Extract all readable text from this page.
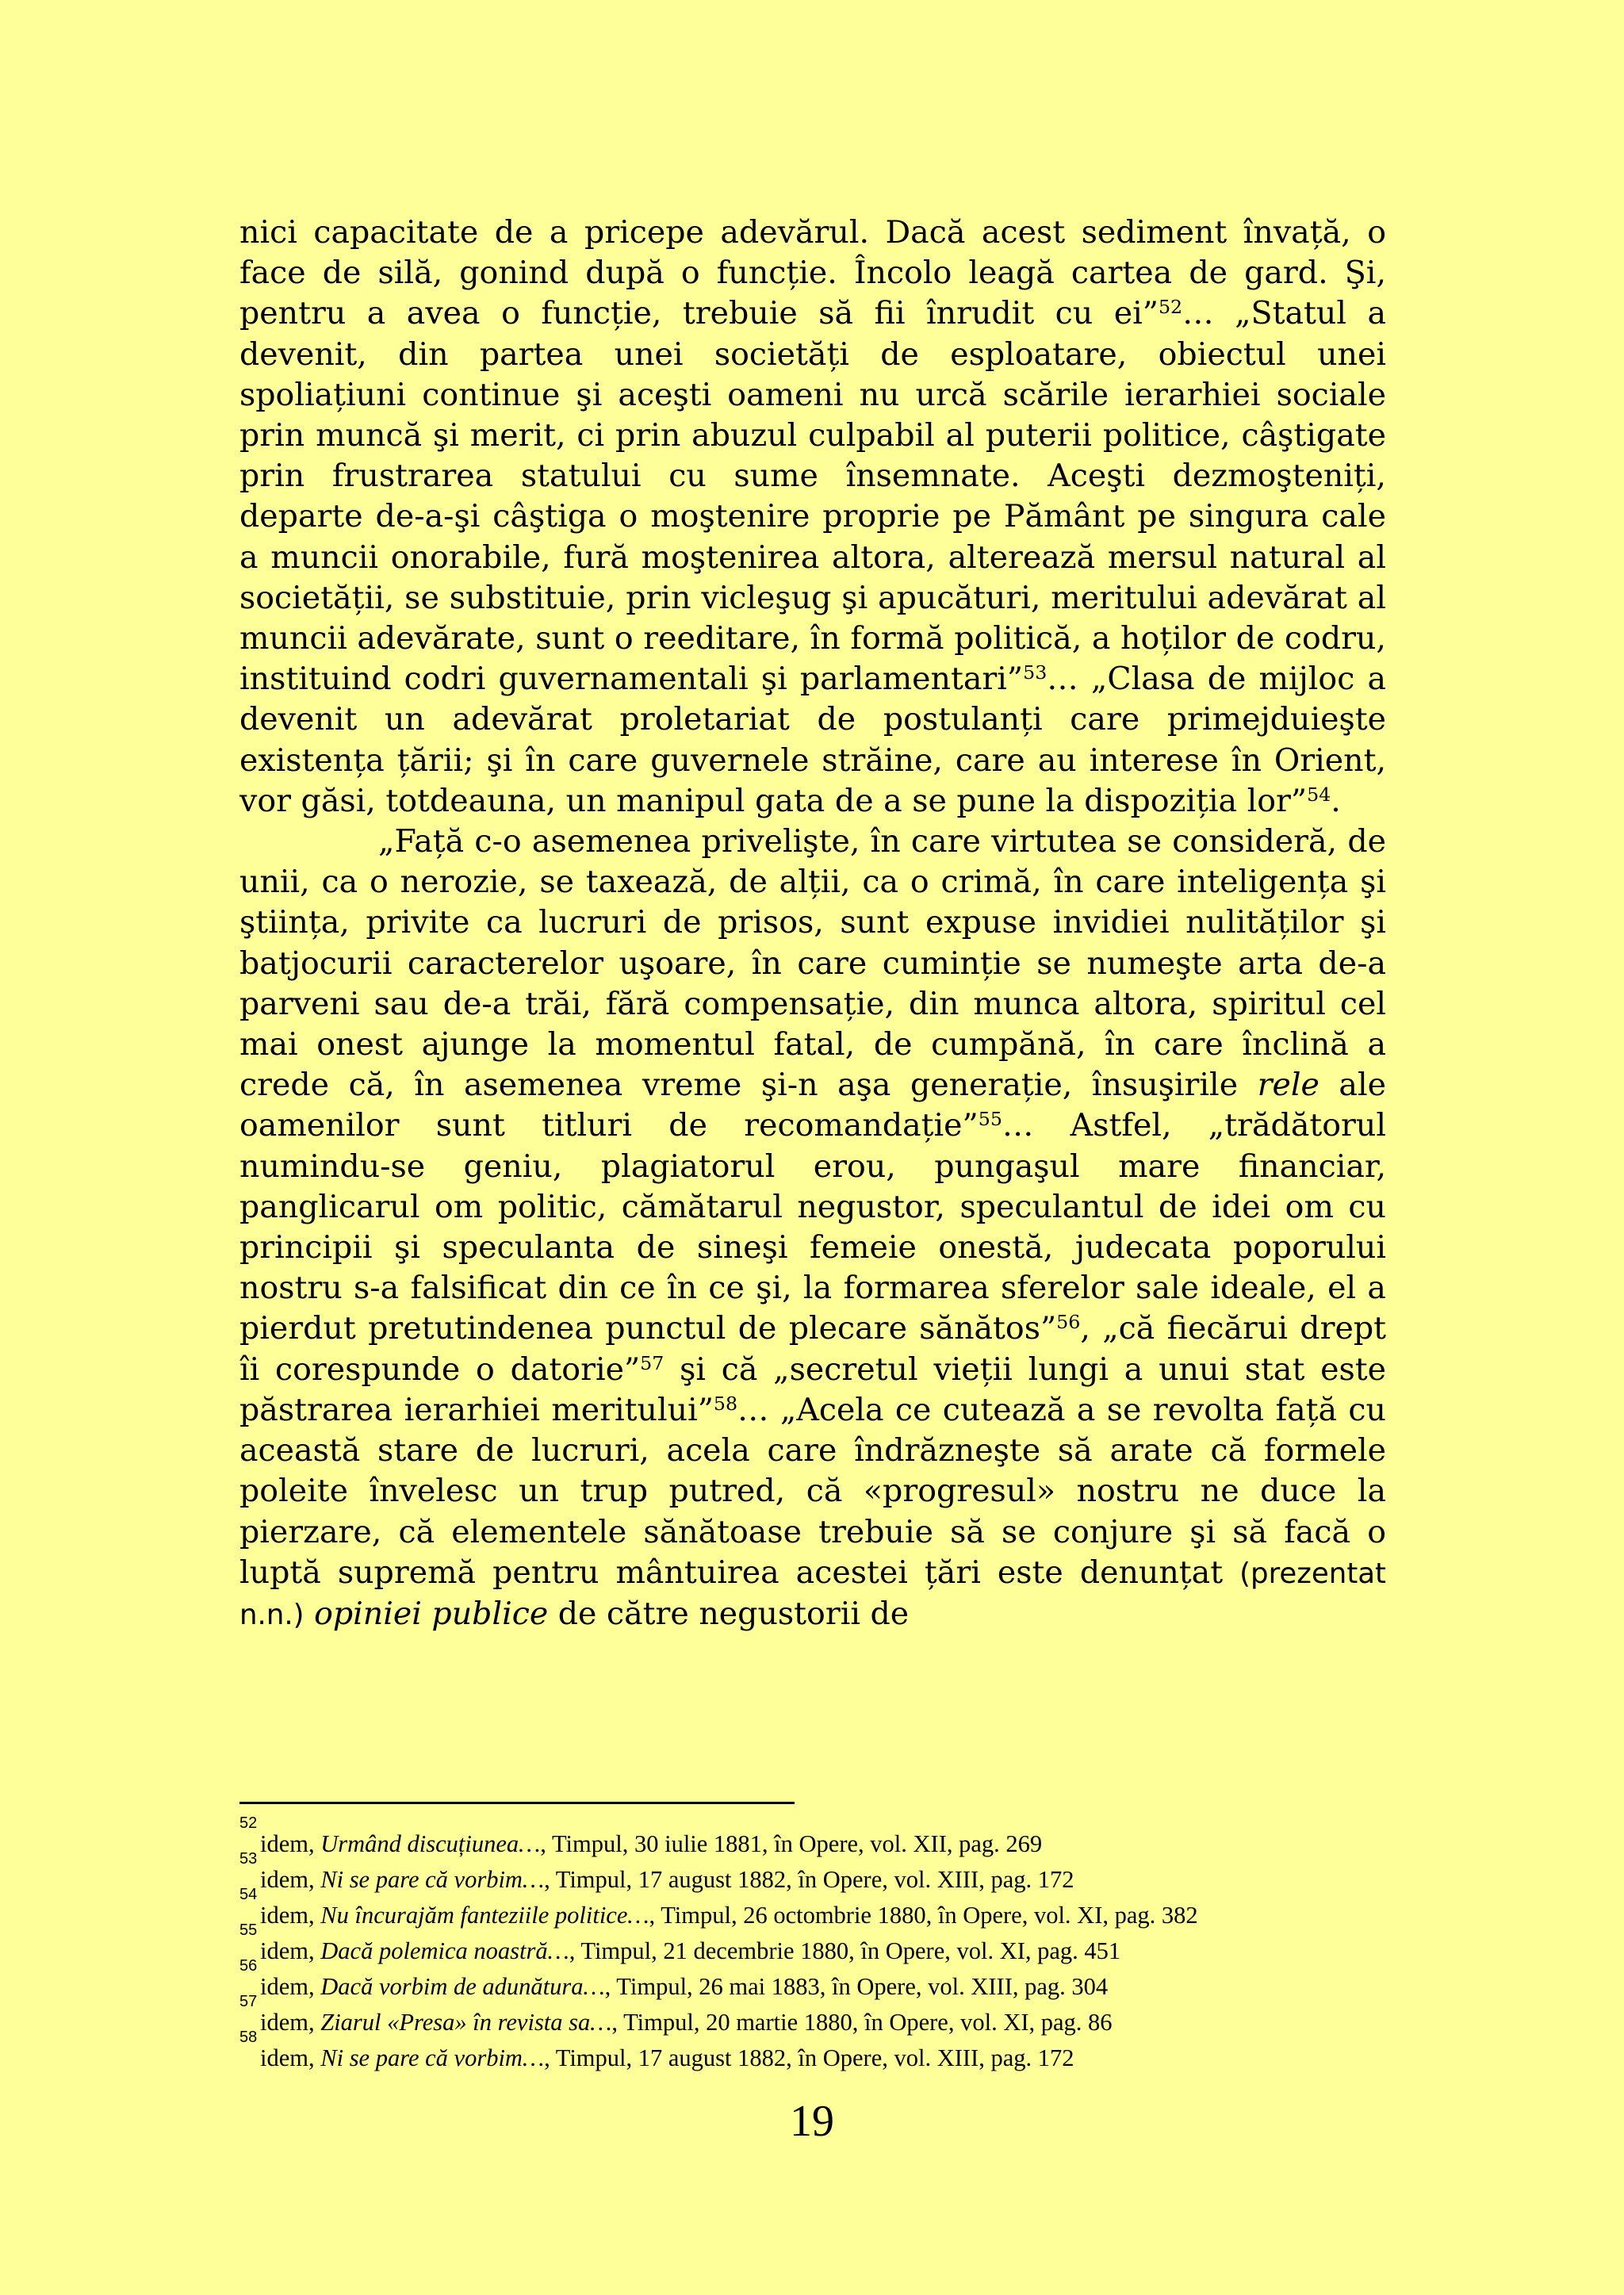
nici capacitate de a pricepe adevărul. Dacă acest sediment învață, o face de silă, gonind după o funcție. Încolo leagă cartea de gard. Şi, pentru a avea o funcție, trebuie să fii înrudit cu ei”$^{52}$… „Statul a devenit, din partea unei societăți de esploatare, obiectul unei spoliațiuni continue şi aceşti oameni nu urcă scările ierarhiei sociale prin muncă şi merit, ci prin abuzul culpabil al puterii politice, câştigate prin frustrarea statului cu sume însemnate. Aceşti dezmoşteniți, departe de-a-şi câştiga o moştenire proprie pe Pământ pe singura cale a muncii onorabile, fură moştenirea altora, alterează mersul natural al societății, se substituie, prin vicleşug şi apucături, meritului adevărat al muncii adevărate, sunt o reeditare, în formă politică, a hoților de codru, instituind codri guvernamentali şi parlamentari”$^{53}$… „Clasa de mijloc a devenit un adevărat proletariat de postulanți care primejduieşte existența țării; şi în care guvernele străine, care au interese în Orient, vor găsi, totdeauna, un manipul gata de a se pune la dispoziția lor”$^{54}$.

„Față c-o asemenea privelişte, în care virtutea se consideră, de unii, ca o nerozie, se taxează, de alții, ca o crimă, în care inteligența şi ştiința, privite ca lucruri de prisos, sunt expuse invidiei nulităților şi batjocurii caracterelor uşoare, în care cuminție se numeşte arta de-a parveni sau de-a trăi, fără compensație, din munca altora, spiritul cel mai onest ajunge la momentul fatal, de cumpănă, în care înclină a crede că, în asemenea vreme şi-n aşa generație, însuşirile rele ale oamenilor sunt titluri de recomandație”$^{55}$… Astfel, „trădătorul numindu-se geniu, plagiatorul erou, pungaşul mare financiar, panglicarul om politic, cămătarul negustor, speculantul de idei om cu principii şi speculanta de sineşi femeie onestă, judecata poporului nostru s-a falsificat din ce în ce şi, la formarea sferelor sale ideale, el a pierdut pretutindenea punctul de plecare sănătos”$^{56}$, „că fiecărui drept îi corespunde o datorie”$^{57}$ şi că „secretul vieții lungi a unui stat este păstrarea ierarhiei meritului”$^{58}$… „Acela ce cutează a se revolta față cu această stare de lucruri, acela care îndrăzneşte să arate că formele poleite învelesc un trup putred, că «progresul» nostru ne duce la pierzare, că elementele sănătoase trebuie să se conjure şi să facă o luptă supremă pentru mântuirea acestei țări este denunțat (prezentat n.n.) opiniei publice de către negustorii de

52
idem, Urmând discuțiunea…, Timpul, 30 iulie 1881, în Opere, vol. XII, pag. 269
53
idem, Ni se pare că vorbim…, Timpul, 17 august 1882, în Opere, vol. XIII, pag. 172
54
idem, Nu încurajăm fanteziile politice…, Timpul, 26 octombrie 1880, în Opere, vol. XI, pag. 382
55
idem, Dacă polemica noastră…, Timpul, 21 decembrie 1880, în Opere, vol. XI, pag. 451
56
idem, Dacă vorbim de adunătura…, Timpul, 26 mai 1883, în Opere, vol. XIII, pag. 304
57
idem, Ziarul «Presa» în revista sa…, Timpul, 20 martie 1880, în Opere, vol. XI, pag. 86
58
idem, Ni se pare că vorbim…, Timpul, 17 august 1882, în Opere, vol. XIII, pag. 172
19
